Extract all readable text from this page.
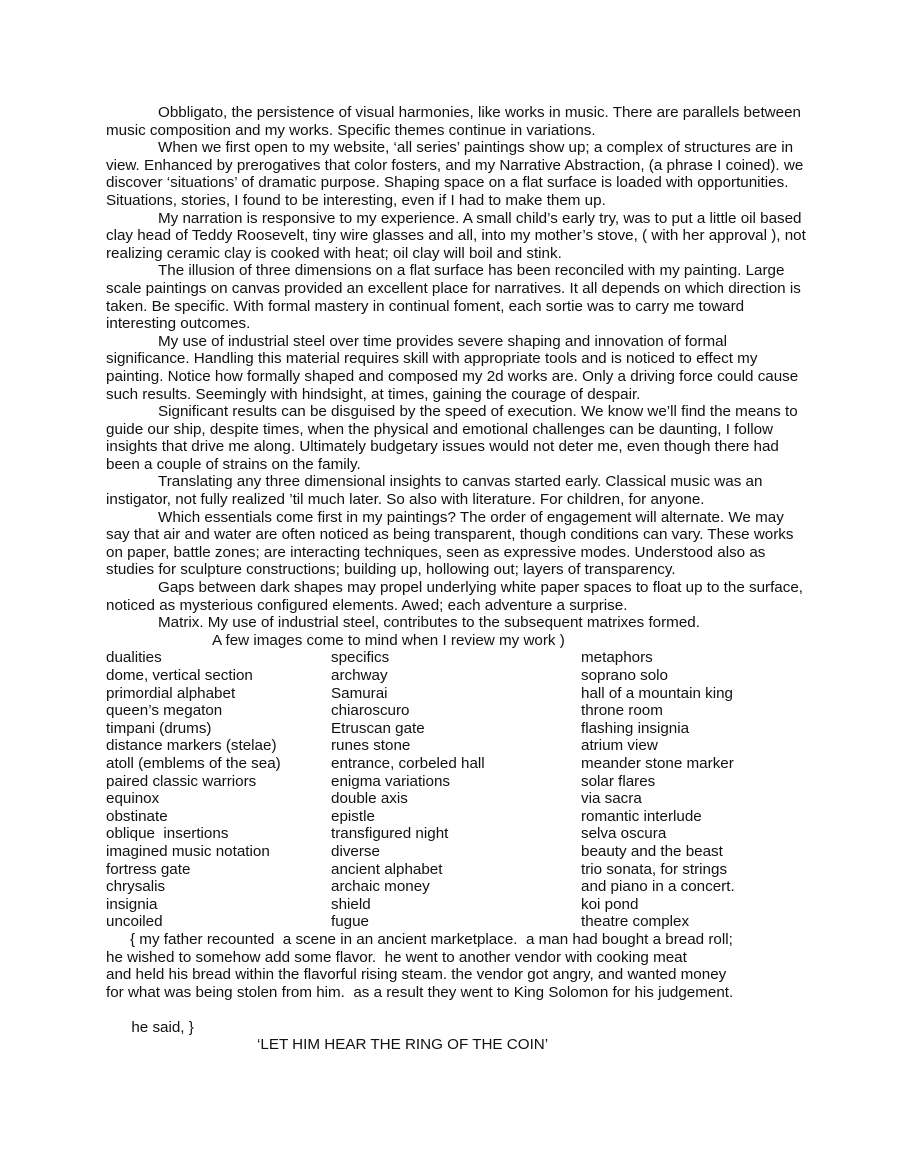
Obbligato, the persistence of visual harmonies, like works in music. There are parallels between music composition and my works. Specific themes continue in variations.

When we first open to my website, ‘all series’ paintings show up; a complex of structures are in view. Enhanced by prerogatives that color fosters, and my Narrative Abstraction, (a phrase I coined). we discover ‘situations’ of dramatic purpose. Shaping space on a flat surface is loaded with opportunities. Situations, stories, I found to be interesting, even if I had to make them up.

My narration is responsive to my experience. A small child’s early try, was to put a little oil based clay head of Teddy Roosevelt, tiny wire glasses and all, into my mother’s stove, ( with her approval ), not realizing ceramic clay is cooked with heat; oil clay will boil and stink.

The illusion of three dimensions on a flat surface has been reconciled with my painting. Large scale paintings on canvas provided an excellent place for narratives. It all depends on which direction is taken. Be specific. With formal mastery in continual foment, each sortie was to carry me toward interesting outcomes.

My use of industrial steel over time provides severe shaping and innovation of formal significance. Handling this material requires skill with appropriate tools and is noticed to effect my painting. Notice how formally shaped and composed my 2d works are. Only a driving force could cause such results. Seemingly with hindsight, at times, gaining the courage of despair.

Significant results can be disguised by the speed of execution. We know we’ll find the means to guide our ship, despite times, when the physical and emotional challenges can be daunting, I follow insights that drive me along. Ultimately budgetary issues would not deter me, even though there had been a couple of strains on the family.

Translating any three dimensional insights to canvas started early. Classical music was an instigator, not fully realized ’til much later. So also with literature. For children, for anyone.

Which essentials come first in my paintings? The order of engagement will alternate. We may say that air and water are often noticed as being transparent, though conditions can vary. These works on paper, battle zones; are interacting techniques, seen as expressive modes. Understood also as studies for sculpture constructions; building up, hollowing out; layers of transparency.

Gaps between dark shapes may propel underlying white paper spaces to float up to the surface, noticed as mysterious configured elements. Awed; each adventure a surprise.

Matrix. My use of industrial steel, contributes to the subsequent matrixes formed.

A few images come to mind when I review my work )

dualities	specifics	metaphors
dome, vertical section	archway	soprano solo
primordial alphabet	Samurai	hall of a mountain king
queen’s megaton	chiaroscuro	throne room
timpani (drums)	Etruscan gate	flashing insignia
distance markers (stelae)	runes stone	atrium view
atoll (emblems of the sea)	entrance, corbeled hall	meander stone marker
paired classic warriors	enigma variations	solar flares
equinox	double axis	via sacra
obstinate	epistle	romantic interlude
oblique  insertions	transfigured night	selva oscura
imagined music notation	diverse	beauty and the beast
fortress gate	ancient alphabet	trio sonata, for strings
chrysalis	archaic money	and piano in a concert.
insignia	shield	koi pond
uncoiled	fugue	theatre complex
{ my father recounted  a scene in an ancient marketplace.  a man had bought a bread roll;
he wished to somehow add some flavor.  he went to another vendor with cooking meat
and held his bread within the flavorful rising steam. the vendor got angry, and wanted money
for what was being stolen from him.  as a result they went to King Solomon for his judgement.

he said, }

‘LET HIM HEAR THE RING OF THE COIN’
